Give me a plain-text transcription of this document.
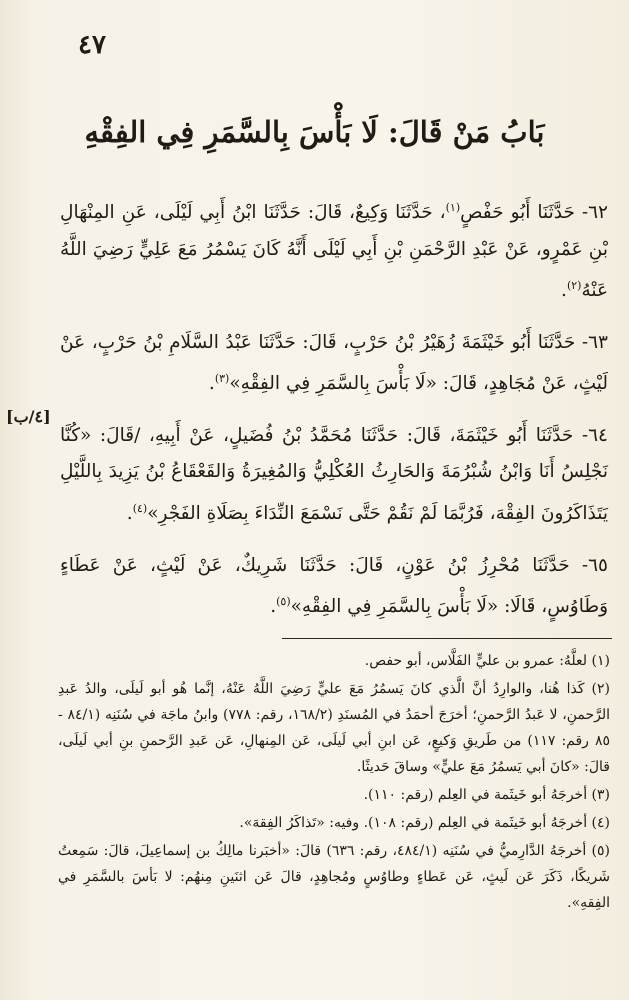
٤٧
بَابُ مَنْ قَالَ: لَا بَأْسَ بِالسَّمَرِ فِي الفِقْهِ

٦٢- حَدَّثَنَا أَبُو حَفْصٍ$^{(١)}$، حَدَّثَنَا وَكِيعٌ، قَالَ: حَدَّثَنَا ابْنُ أَبِي لَيْلَى، عَنِ المِنْهَالِ بْنِ عَمْرٍو، عَنْ عَبْدِ الرَّحْمَنِ بْنِ أَبِي لَيْلَى أَنَّهُ كَانَ يَسْمُرُ مَعَ عَلِيٍّ رَضِيَ اللَّهُ عَنْهُ$^{(٢)}$.

٦٣- حَدَّثَنَا أَبُو خَيْثَمَةَ زُهَيْرُ بْنُ حَرْبٍ، قَالَ: حَدَّثَنَا عَبْدُ السَّلَامِ بْنُ حَرْبٍ، عَنْ لَيْثٍ، عَنْ مُجَاهِدٍ، قَالَ: «لَا بَأْسَ بِالسَّمَرِ فِي الفِقْهِ»$^{(٣)}$.

٦٤- حَدَّثَنَا أَبُو خَيْثَمَةَ، قَالَ: حَدَّثَنَا مُحَمَّدُ بْنُ فُضَيلٍ، عَنْ أَبِيهِ، /قَالَ: «كُنَّا نَجْلِسُ أَنَا وَابْنُ شُبْرُمَةَ وَالحَارِثُ العُكْلِيُّ وَالمُغِيرَةُ وَالقَعْقَاعُ بْنُ يَزِيدَ بِاللَّيْلِ يَتَذَاكَرُونَ الفِقْهَ، فَرُبَّمَا لَمْ نَقُمْ حَتَّى نَسْمَعَ النِّدَاءَ بِصَلَاةِ الفَجْرِ»$^{(٤)}$.

٦٥- حَدَّثَنَا مُحْرِزُ بْنُ عَوْنٍ، قَالَ: حَدَّثَنَا شَرِيكٌ، عَنْ لَيْثٍ، عَنْ عَطَاءٍ وَطَاوُسٍ، قَالَا: «لَا بَأْسَ بِالسَّمَرِ فِي الفِقْهِ»$^{(٥)}$.

[٤/ب]

(١) لعلَّهُ: عمرو بن عليٍّ الفَلَّاس، أبو حفص.

(٢) كَذا هُنا، والوارِدُ أنَّ الَّذي كانَ يَسمُرُ مَعَ عليٍّ رَضِيَ اللَّهُ عَنْهُ، إنَّما هُو أبو لَيلَى، والدُ عَبدِ الرَّحمنِ، لا عَبدُ الرَّحمنِ؛ أخرَجَ أحمَدُ في المُسنَدِ (١٦٨/٢، رقم: ٧٧٨) وابنُ ماجَة في سُنَنِه (٨٤/١ - ٨٥ رقم: ١١٧) من طَريقِ وَكيعٍ، عَن ابنِ أبي لَيلَى، عَن المِنهالِ، عَن عَبدِ الرَّحمنِ بنِ أبي لَيلَى، قالَ: «كانَ أبي يَسمُرُ مَعَ عليٍّ» وساقَ حَديثًا.

(٣) أخرجَهُ أبو خَيثَمة في العِلم (رقم: ١١٠).

(٤) أخرجَهُ أبو خَيثَمة في العِلم (رقم: ١٠٨). وفيه: «تَذاكَرُ الفِقهَ».

(٥) أخرجَهُ الدَّارِميُّ في سُنَنِه (٤٨٤/١، رقم: ٦٣٦) قالَ: «أخبَرنا مالِكُ بن إسماعِيلَ، قالَ: سَمِعتُ شَريكًا، ذَكَرَ عَن لَيثٍ، عَن عَطاءٍ وطاوُسٍ ومُجاهِدٍ، قالَ عَن اثنَينِ مِنهُم: لا بَأسَ بالسَّمَرِ في الفِقهِ».
